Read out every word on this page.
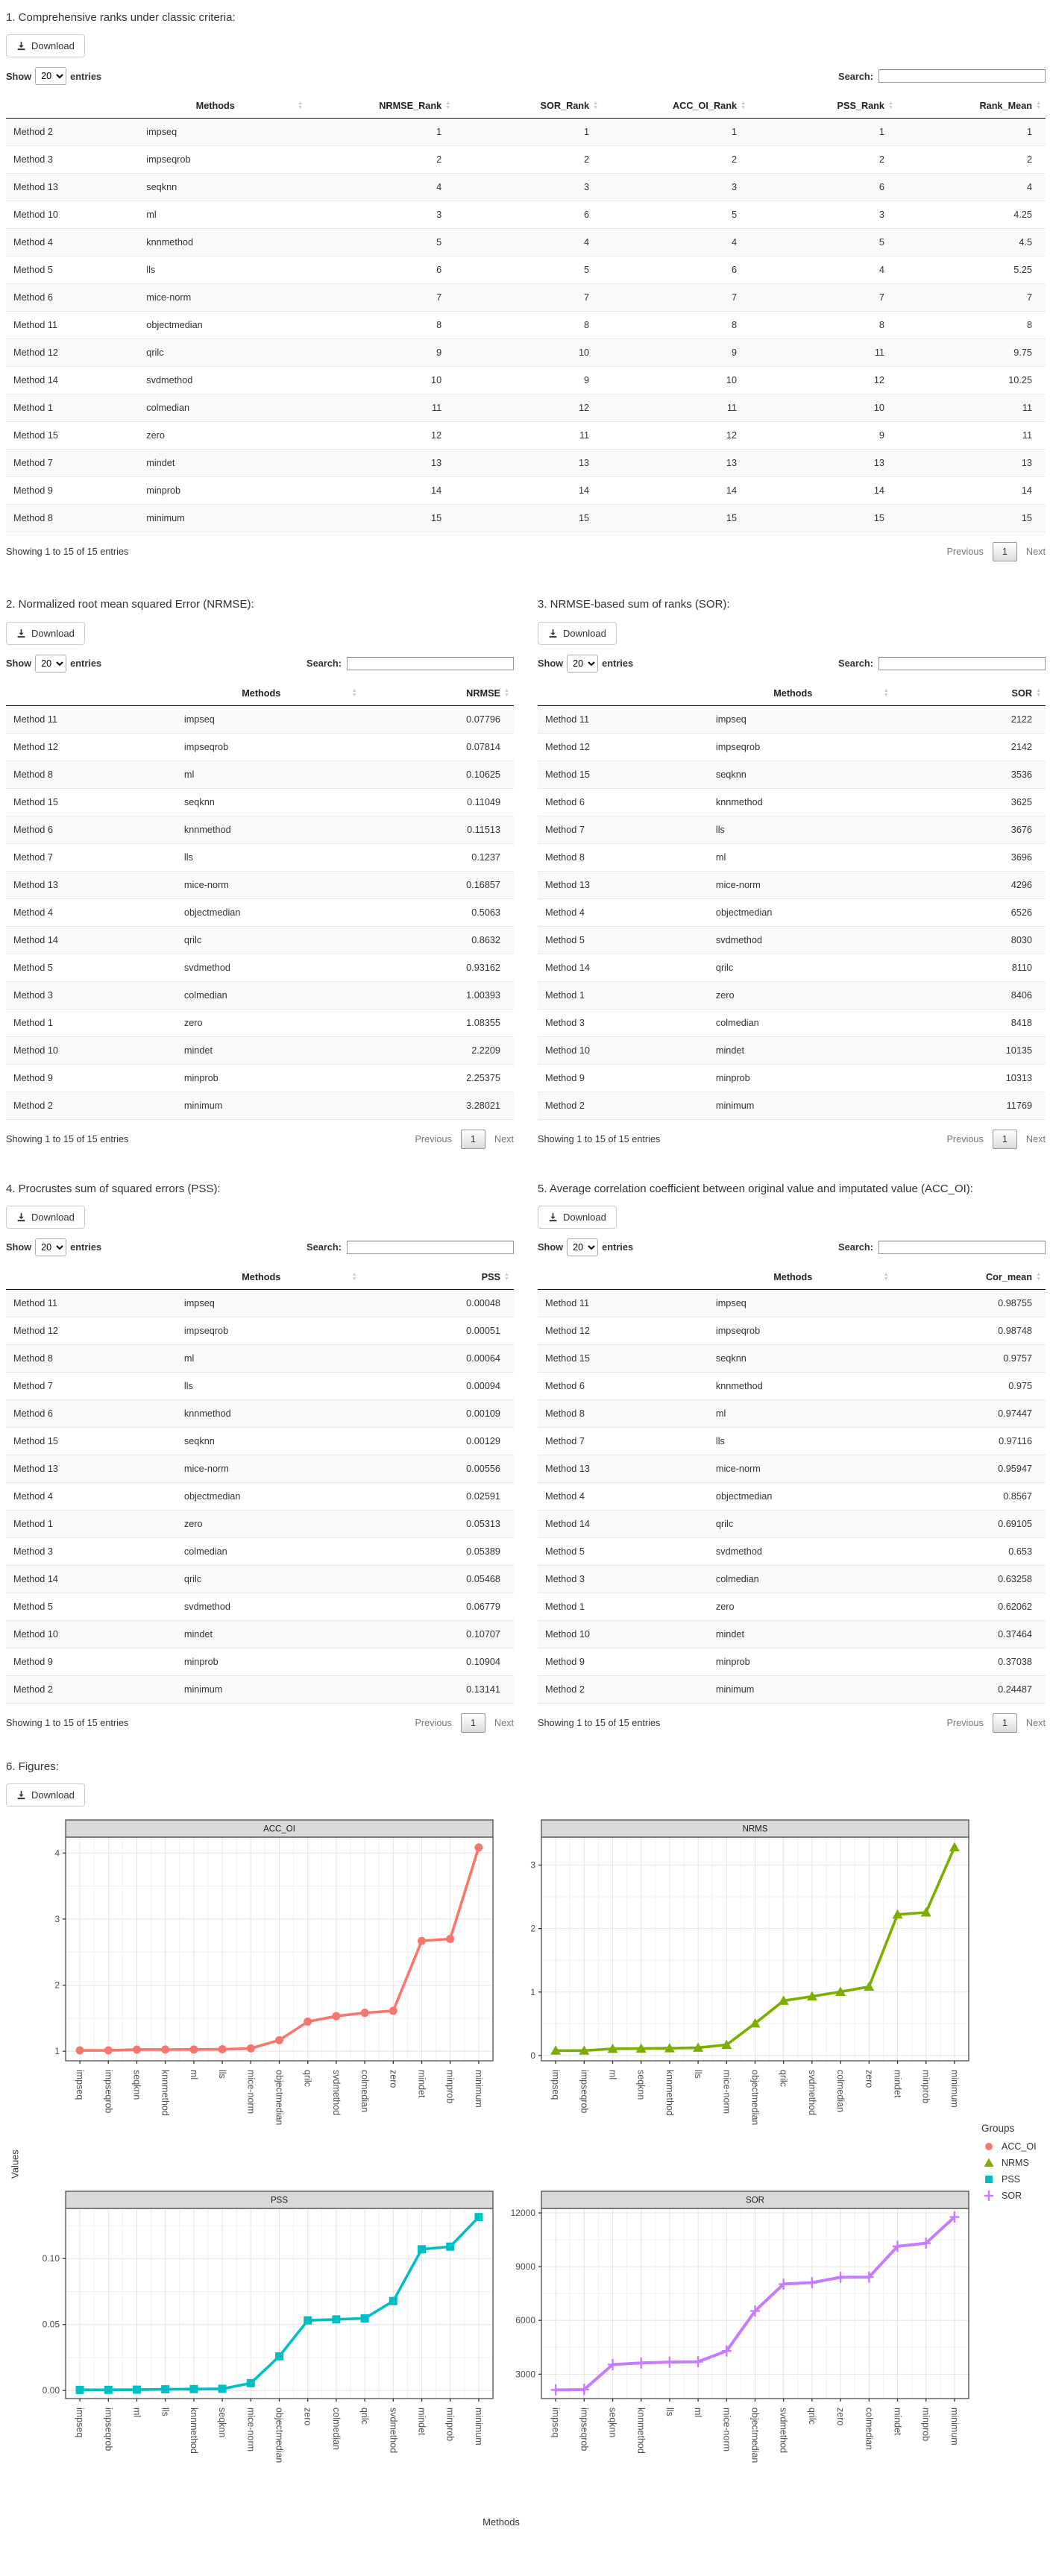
1. Comprehensive ranks under classic criteria:
Download
Show
20	entries	Search:
	Methods ▲
▼	NRMSE_Rank ▲
▼	SOR_Rank ▲
▼	ACC_OI_Rank ▲
▼	PSS_Rank ▲
▼	Rank_Mean ▲
▼

Method 2	impseq	1	1	1	1	1
Method 3	impseqrob	2	2	2	2	2
Method 13	seqknn	4	3	3	6	4
Method 10	ml	3	6	5	3	4.25
Method 4	knnmethod	5	4	4	5	4.5
Method 5	lls	6	5	6	4	5.25
Method 6	mice-norm	7	7	7	7	7
Method 11	objectmedian	8	8	8	8	8
Method 12	qrilc	9	10	9	11	9.75
Method 14	svdmethod	10	9	10	12	10.25
Method 1	colmedian	11	12	11	10	11
Method 15	zero	12	11	12	9	11
Method 7	mindet	13	13	13	13	13
Method 9	minprob	14	14	14	14	14
Method 8	minimum	15	15	15	15	15
Showing 1 to 15 of 15 entries	Previous	1	Next
2. Normalized root mean squared Error (NRMSE):
Download
Show
20	entries	Search:
	Methods ▲
▼	NRMSE ▲
▼

Method 11	impseq	0.07796
Method 12	impseqrob	0.07814
Method 8	ml	0.10625
Method 15	seqknn	0.11049
Method 6	knnmethod	0.11513
Method 7	lls	0.1237
Method 13	mice-norm	0.16857
Method 4	objectmedian	0.5063
Method 14	qrilc	0.8632
Method 5	svdmethod	0.93162
Method 3	colmedian	1.00393
Method 1	zero	1.08355
Method 10	mindet	2.2209
Method 9	minprob	2.25375
Method 2	minimum	3.28021
Showing 1 to 15 of 15 entries	Previous	1	Next
3. NRMSE-based sum of ranks (SOR):
Download
Show
20	entries	Search:
	Methods ▲
▼	SOR ▲
▼

Method 11	impseq	2122
Method 12	impseqrob	2142
Method 15	seqknn	3536
Method 6	knnmethod	3625
Method 7	lls	3676
Method 8	ml	3696
Method 13	mice-norm	4296
Method 4	objectmedian	6526
Method 5	svdmethod	8030
Method 14	qrilc	8110
Method 1	zero	8406
Method 3	colmedian	8418
Method 10	mindet	10135
Method 9	minprob	10313
Method 2	minimum	11769
Showing 1 to 15 of 15 entries	Previous	1	Next
4. Procrustes sum of squared errors (PSS):
Download
Show
20	entries	Search:
	Methods ▲
▼	PSS ▲
▼

Method 11	impseq	0.00048
Method 12	impseqrob	0.00051
Method 8	ml	0.00064
Method 7	lls	0.00094
Method 6	knnmethod	0.00109
Method 15	seqknn	0.00129
Method 13	mice-norm	0.00556
Method 4	objectmedian	0.02591
Method 1	zero	0.05313
Method 3	colmedian	0.05389
Method 14	qrilc	0.05468
Method 5	svdmethod	0.06779
Method 10	mindet	0.10707
Method 9	minprob	0.10904
Method 2	minimum	0.13141
Showing 1 to 15 of 15 entries	Previous	1	Next
5. Average correlation coefficient between original value and imputated value (ACC_OI):
Download
Show
20	entries	Search:
	Methods ▲
▼	Cor_mean ▲
▼

Method 11	impseq	0.98755
Method 12	impseqrob	0.98748
Method 15	seqknn	0.9757
Method 6	knnmethod	0.975
Method 8	ml	0.97447
Method 7	lls	0.97116
Method 13	mice-norm	0.95947
Method 4	objectmedian	0.8567
Method 14	qrilc	0.69105
Method 5	svdmethod	0.653
Method 3	colmedian	0.63258
Method 1	zero	0.62062
Method 10	mindet	0.37464
Method 9	minprob	0.37038
Method 2	minimum	0.24487
Showing 1 to 15 of 15 entries	Previous	1	Next
6. Figures:
Download
Values
ACC_OI
1
2
3
4
impseq impseqrob seqknn knnmethod ml lls mice-norm objectmedian qrilc svdmethod colmedian zero mindet minprob minimum
NRMS
0
1
2
3
impseq impseqrob ml seqknn knnmethod lls mice-norm objectmedian qrilc svdmethod colmedian zero mindet minprob minimum
Groups
ACC_OI
NRMS
PSS
SOR
PSS
0.00
0.05
0.10
impseq impseqrob ml lls knnmethod seqknn mice-norm objectmedian zero colmedian qrilc svdmethod mindet minprob minimum
SOR
3000
6000
9000
12000
impseq impseqrob seqknn knnmethod lls ml mice-norm objectmedian svdmethod qrilc zero colmedian mindet minprob minimum
Methods
